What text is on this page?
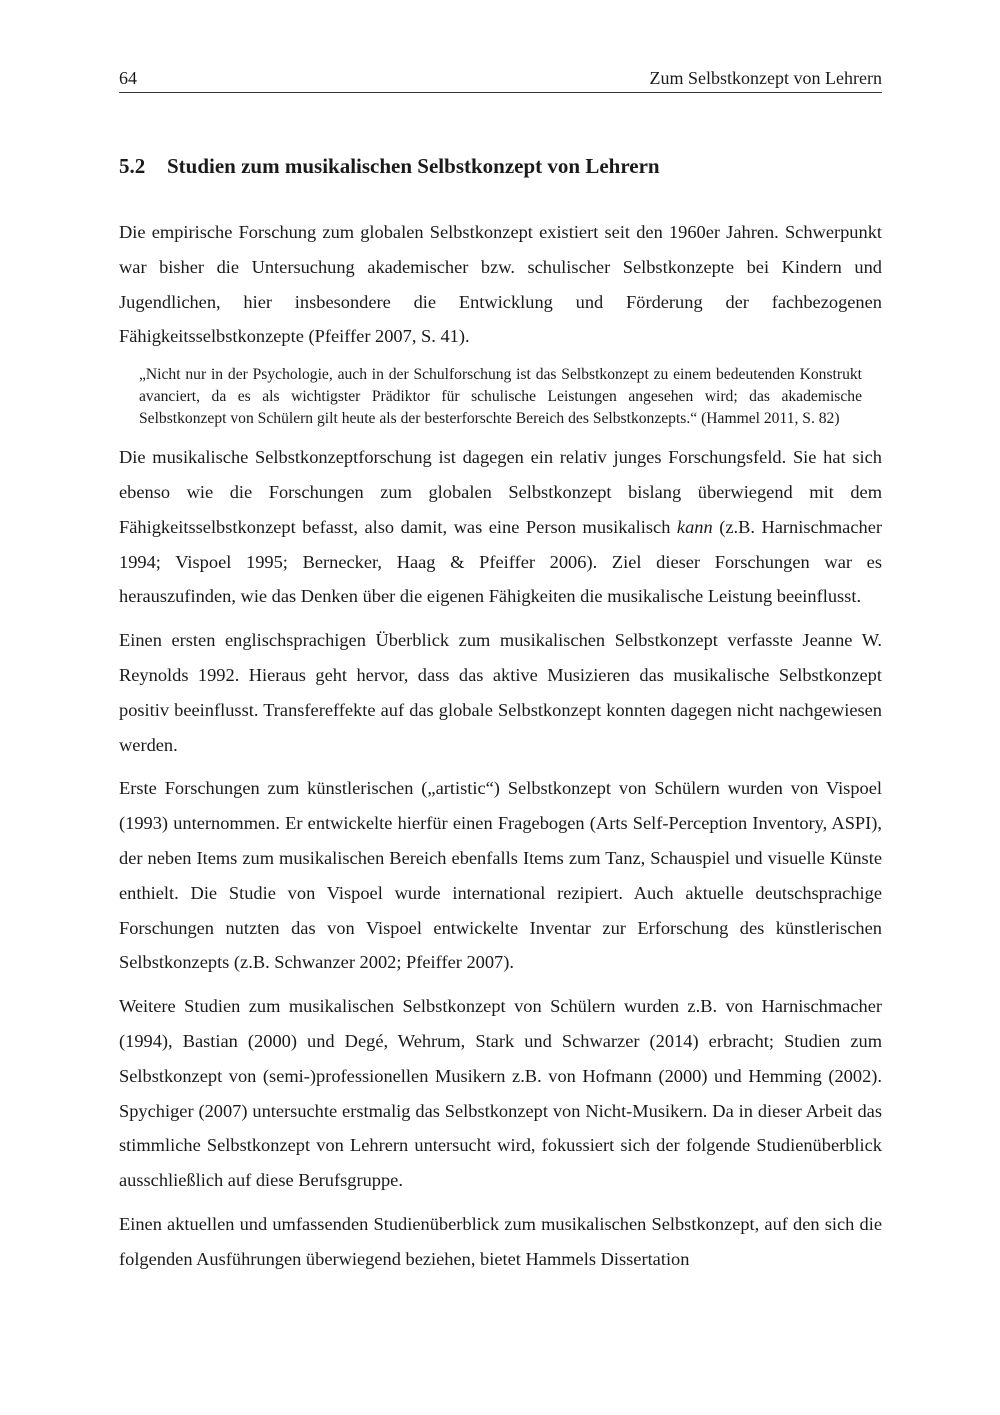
64	Zum Selbstkonzept von Lehrern
5.2 Studien zum musikalischen Selbstkonzept von Lehrern

Die empirische Forschung zum globalen Selbstkonzept existiert seit den 1960er Jahren. Schwerpunkt war bisher die Untersuchung akademischer bzw. schulischer Selbstkonzepte bei Kindern und Jugendlichen, hier insbesondere die Entwicklung und Förderung der fachbezogenen Fähigkeitsselbstkonzepte (Pfeiffer 2007, S. 41).

„Nicht nur in der Psychologie, auch in der Schulforschung ist das Selbstkonzept zu einem bedeutenden Konstrukt avanciert, da es als wichtigster Prädiktor für schulische Leistungen angesehen wird; das akademische Selbstkonzept von Schülern gilt heute als der besterforschte Bereich des Selbstkonzepts.“ (Hammel 2011, S. 82)

Die musikalische Selbstkonzeptforschung ist dagegen ein relativ junges Forschungsfeld. Sie hat sich ebenso wie die Forschungen zum globalen Selbstkonzept bislang überwiegend mit dem Fähigkeitsselbstkonzept befasst, also damit, was eine Person musikalisch kann (z.B. Harnischmacher 1994; Vispoel 1995; Bernecker, Haag & Pfeiffer 2006). Ziel dieser Forschungen war es herauszufinden, wie das Denken über die eigenen Fähigkeiten die musikalische Leistung beeinflusst.

Einen ersten englischsprachigen Überblick zum musikalischen Selbstkonzept verfasste Jeanne W. Reynolds 1992. Hieraus geht hervor, dass das aktive Musizieren das musikalische Selbstkonzept positiv beeinflusst. Transfereffekte auf das globale Selbstkonzept konnten dagegen nicht nachgewiesen werden.

Erste Forschungen zum künstlerischen („artistic“) Selbstkonzept von Schülern wurden von Vispoel (1993) unternommen. Er entwickelte hierfür einen Fragebogen (Arts Self-Perception Inventory, ASPI), der neben Items zum musikalischen Bereich ebenfalls Items zum Tanz, Schauspiel und visuelle Künste enthielt. Die Studie von Vispoel wurde international rezipiert. Auch aktuelle deutschsprachige Forschungen nutzten das von Vispoel entwickelte Inventar zur Erforschung des künstlerischen Selbstkonzepts (z.B. Schwanzer 2002; Pfeiffer 2007).

Weitere Studien zum musikalischen Selbstkonzept von Schülern wurden z.B. von Harnischmacher (1994), Bastian (2000) und Degé, Wehrum, Stark und Schwarzer (2014) erbracht; Studien zum Selbstkonzept von (semi-)professionellen Musikern z.B. von Hofmann (2000) und Hemming (2002). Spychiger (2007) untersuchte erstmalig das Selbstkonzept von Nicht-Musikern. Da in dieser Arbeit das stimmliche Selbstkonzept von Lehrern untersucht wird, fokussiert sich der folgende Studienüberblick ausschließlich auf diese Berufsgruppe.

Einen aktuellen und umfassenden Studienüberblick zum musikalischen Selbstkonzept, auf den sich die folgenden Ausführungen überwiegend beziehen, bietet Hammels Dissertation
